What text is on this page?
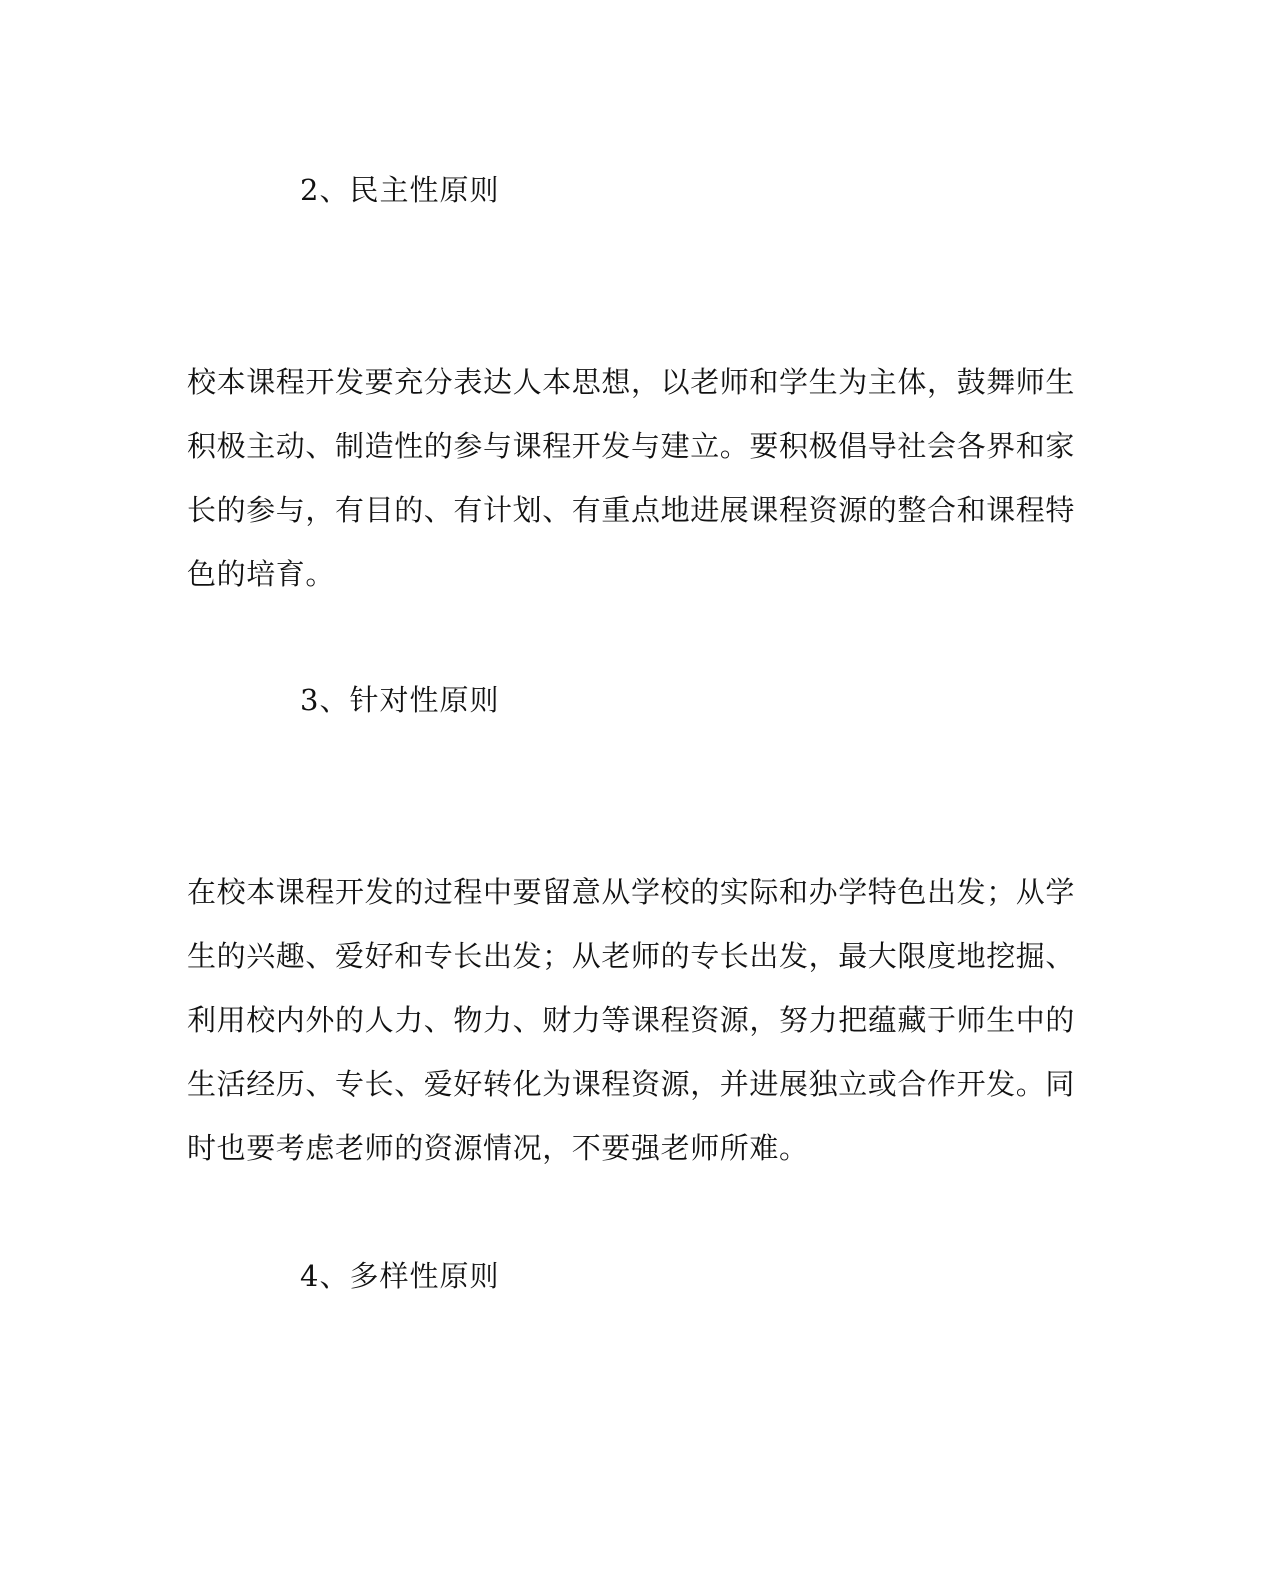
2、民主性原则
校本课程开发要充分表达人本思想，以老师和学生为主体，鼓舞师生
积极主动、制造性的参与课程开发与建立。要积极倡导社会各界和家
长的参与，有目的、有计划、有重点地进展课程资源的整合和课程特
色的培育。
3、针对性原则
在校本课程开发的过程中要留意从学校的实际和办学特色出发；从学
生的兴趣、爱好和专长出发；从老师的专长出发，最大限度地挖掘、
利用校内外的人力、物力、财力等课程资源，努力把蕴藏于师生中的
生活经历、专长、爱好转化为课程资源，并进展独立或合作开发。同
时也要考虑老师的资源情况，不要强老师所难。
4、多样性原则
